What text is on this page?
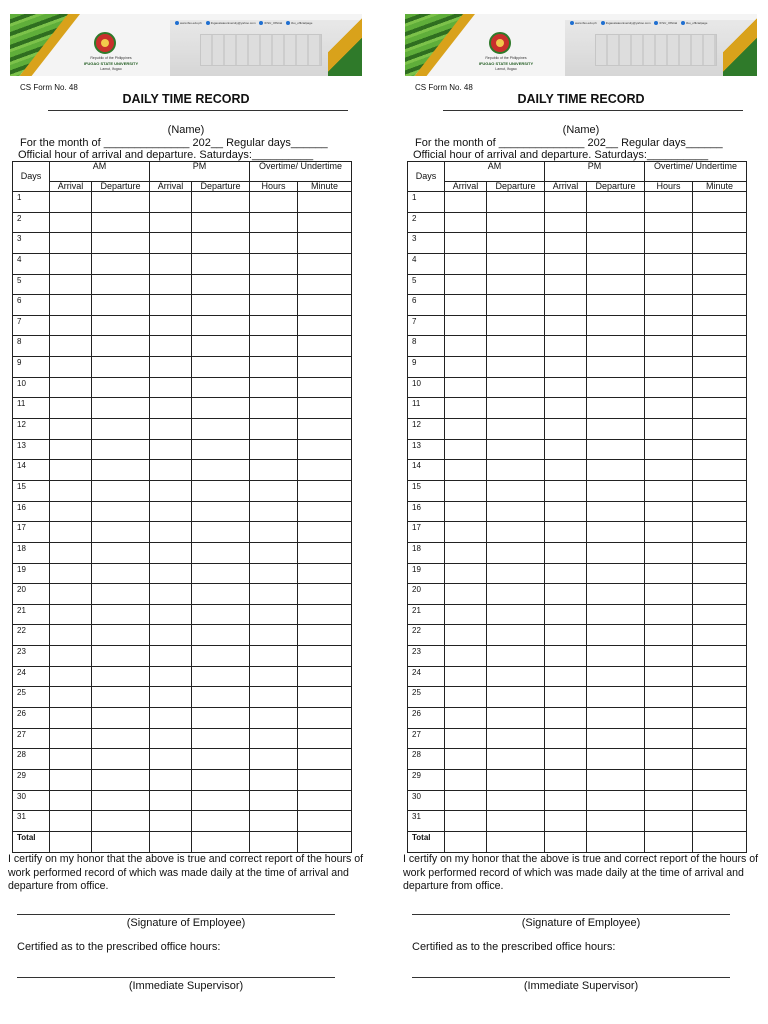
Republic of the Philippines
IFUGAO STATE UNIVERSITY
Lamut, Ifugao
www.ifsu.edu.ph	ifsgaostateuniversity@yahoo.com	IFSU_Official	ifsu_officialpage
CS Form No. 48
DAILY TIME RECORD
(Name)
For the month of ______________ 202__ Regular days______
Official hour of arrival and departure. Saturdays:__________
Days	AM		PM		Overtime/ Undertime	
	Arrival	Departure	Arrival	Departure	Hours	Minute
1						
2						
3						
4						
5						
6						
7						
8						
9						
10						
11						
12						
13						
14						
15						
16						
17						
18						
19						
20						
21						
22						
23						
24						
25						
26						
27						
28						
29						
30						
31						
Total						
I certify on my honor that the above is true and correct report of the hours of work performed record of which was made daily at the time of arrival and departure from office.
(Signature of Employee)
Certified as to the prescribed office hours:
(Immediate Supervisor)
Republic of the Philippines
IFUGAO STATE UNIVERSITY
Lamut, Ifugao
www.ifsu.edu.ph	ifsgaostateuniversity@yahoo.com	IFSU_Official	ifsu_officialpage
CS Form No. 48
DAILY TIME RECORD
(Name)
For the month of ______________ 202__ Regular days______
Official hour of arrival and departure. Saturdays:__________
Days	AM		PM		Overtime/ Undertime	
	Arrival	Departure	Arrival	Departure	Hours	Minute
1						
2						
3						
4						
5						
6						
7						
8						
9						
10						
11						
12						
13						
14						
15						
16						
17						
18						
19						
20						
21						
22						
23						
24						
25						
26						
27						
28						
29						
30						
31						
Total						
I certify on my honor that the above is true and correct report of the hours of work performed record of which was made daily at the time of arrival and departure from office.
(Signature of Employee)
Certified as to the prescribed office hours:
(Immediate Supervisor)
